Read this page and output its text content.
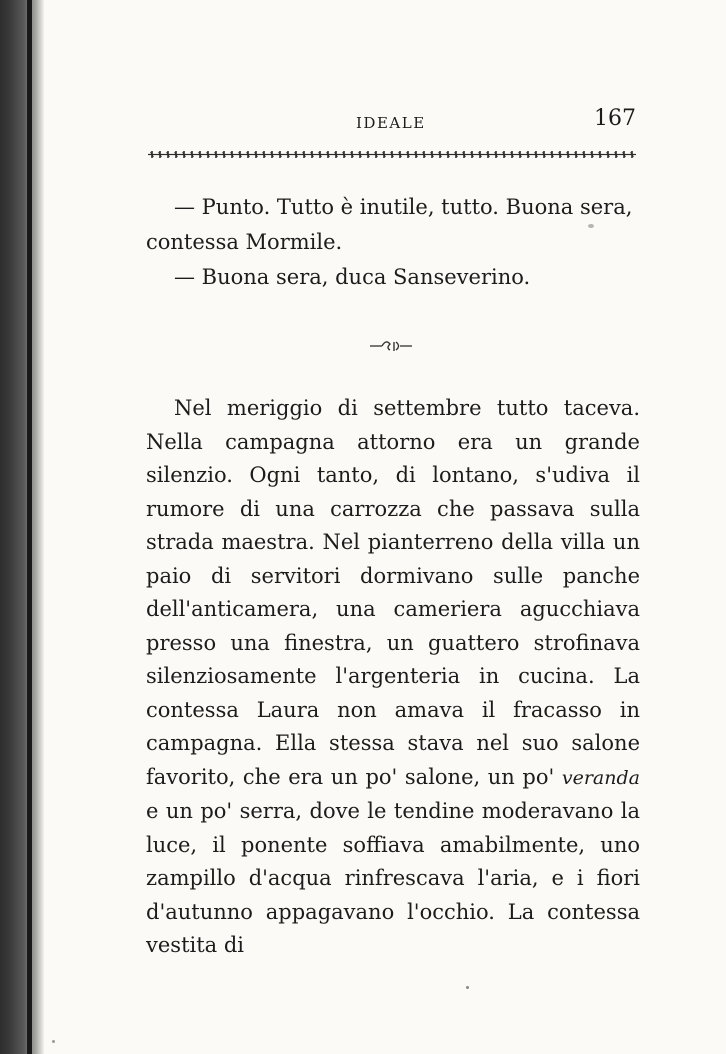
IDEALE	167

— Punto. Tutto è inutile, tutto. Buona sera, contessa Mormile.

— Buona sera, duca Sanseverino.

Nel meriggio di settembre tutto taceva. Nella campagna attorno era un grande silenzio. Ogni tanto, di lontano, s'udiva il rumore di una carrozza che passava sulla strada maestra. Nel pianterreno della villa un paio di servitori dormivano sulle panche dell'anticamera, una cameriera agucchiava presso una finestra, un guattero strofinava silenziosamente l'argenteria in cucina. La contessa Laura non amava il fracasso in campagna. Ella stessa stava nel suo salone favorito, che era un po' salone, un po' veranda e un po' serra, dove le tendine moderavano la luce, il ponente soffiava amabilmente, uno zampillo d'acqua rinfrescava l'aria, e i fiori d'autunno appagavano l'occhio. La contessa vestita di
